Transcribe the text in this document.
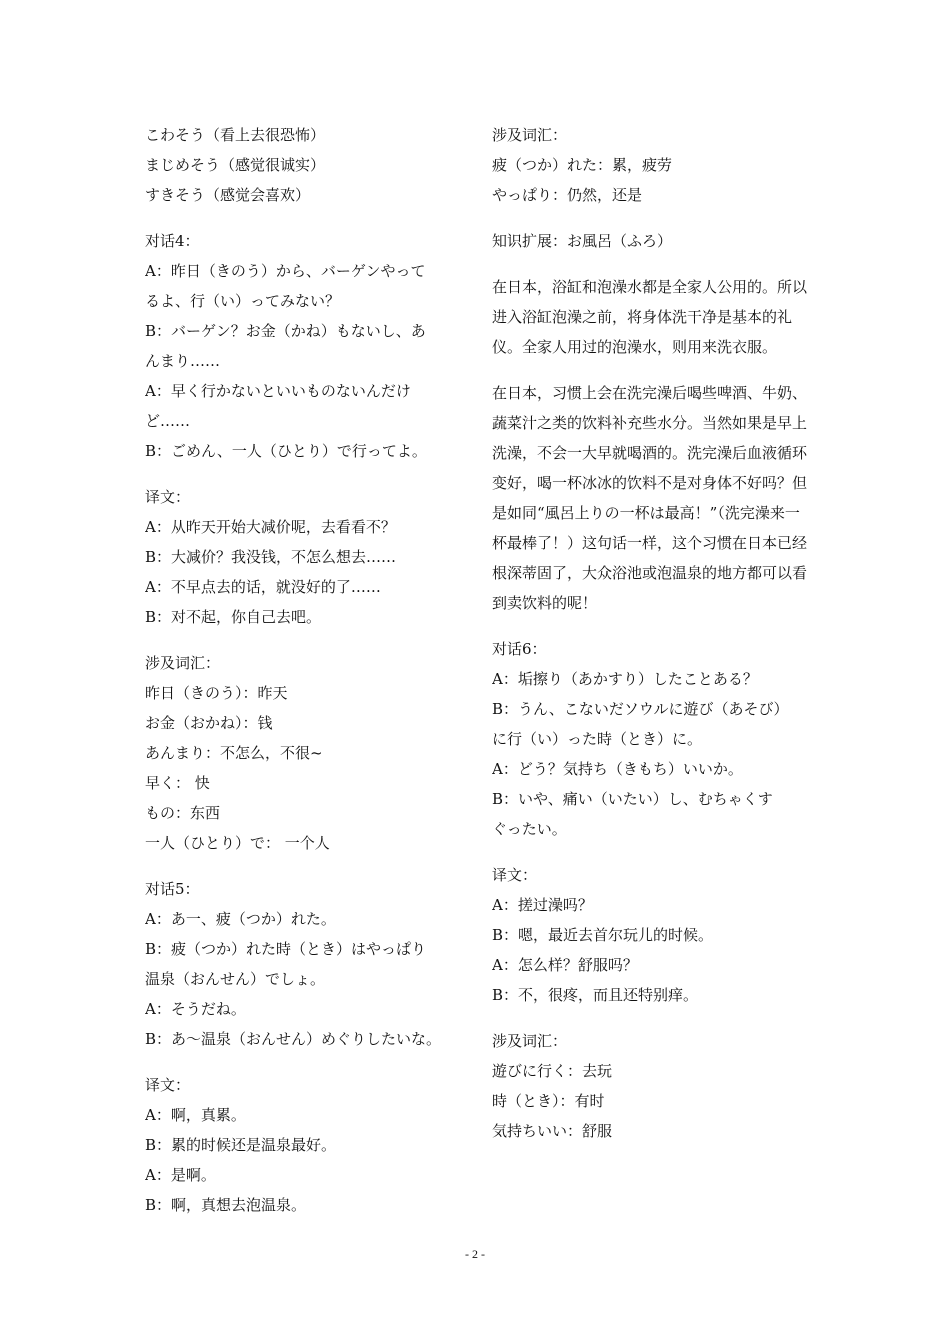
こわそう（看上去很恐怖）
まじめそう（感觉很诚实）
すきそう（感觉会喜欢）
对话4：
A：昨日（きのう）から、バーゲンやって
るよ、行（い）ってみない？
B：バーゲン？お金（かね）もないし、あ
んまり……
A：早く行かないといいものないんだけ
ど……
B：ごめん、一人（ひとり）で行ってよ。
译文：
A：从昨天开始大减价呢，去看看不？
B：大减价？我没钱，不怎么想去……
A：不早点去的话，就没好的了……
B：对不起，你自己去吧。
涉及词汇：
昨日（きのう）：昨天
お金（おかね）：钱
あんまり：不怎么，不很~
早く： 快
もの：东西
一人（ひとり）で： 一个人
对话5：
A：あ一、疲（つか）れた。
B：疲（つか）れた時（とき）はやっぱり
温泉（おんせん）でしょ。
A：そうだね。
B：あ～温泉（おんせん）めぐりしたいな。
译文：
A：啊，真累。
B：累的时候还是温泉最好。
A：是啊。
B：啊，真想去泡温泉。
涉及词汇：
疲（つか）れた：累，疲劳
やっぱり：仍然，还是
知识扩展：お風呂（ふろ）

在日本，浴缸和泡澡水都是全家人公用的。所以进入浴缸泡澡之前，将身体洗干净是基本的礼仪。全家人用过的泡澡水，则用来洗衣服。

在日本，习惯上会在洗完澡后喝些啤酒、牛奶、蔬菜汁之类的饮料补充些水分。当然如果是早上洗澡，不会一大早就喝酒的。洗完澡后血液循环变好，喝一杯冰冰的饮料不是对身体不好吗？但是如同“風呂上りの一杯は最高！”（洗完澡来一杯最棒了！）这句话一样，这个习惯在日本已经根深蒂固了，大众浴池或泡温泉的地方都可以看到卖饮料的呢！

对话6：
A：垢擦り（あかすり）したことある？
B：うん、こないだソウルに遊び（あそび）
に行（い）った時（とき）に。
A：どう？気持ち（きもち）いいか。
B：いや、痛い（いたい）し、むちゃくす
ぐったい。
译文：
A：搓过澡吗？
B：嗯，最近去首尔玩儿的时候。
A：怎么样？舒服吗？
B：不，很疼，而且还特别痒。
涉及词汇：
遊びに行く：去玩
時（とき）：有时
気持ちいい：舒服
- 2 -
